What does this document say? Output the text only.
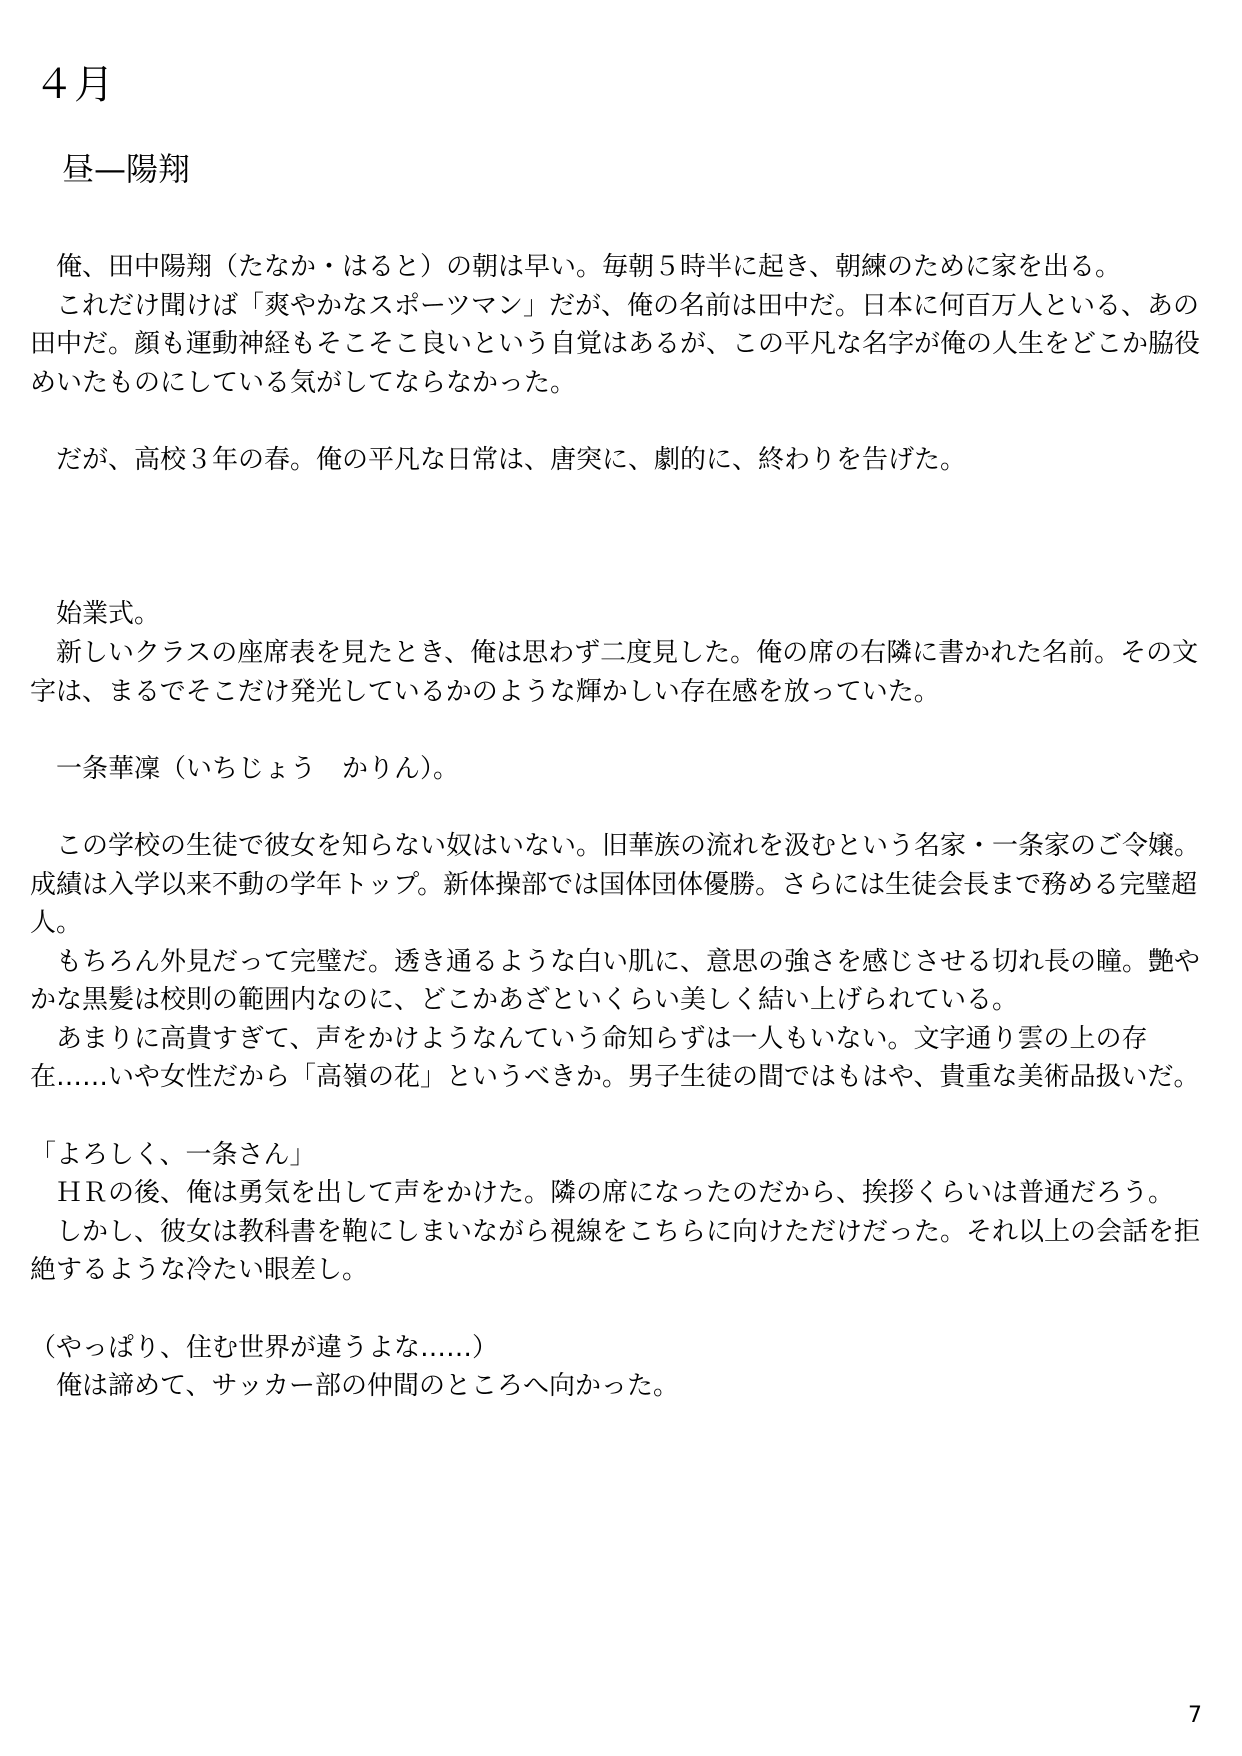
４月
昼—陽翔

　俺、田中陽翔（たなか・はると）の朝は早い。毎朝５時半に起き、朝練のために家を出る。

　これだけ聞けば「爽やかなスポーツマン」だが、俺の名前は田中だ。日本に何百万人といる、あの田中だ。顔も運動神経もそこそこ良いという自覚はあるが、この平凡な名字が俺の人生をどこか脇役めいたものにしている気がしてならなかった。

　だが、高校３年の春。俺の平凡な日常は、唐突に、劇的に、終わりを告げた。

　始業式。

　新しいクラスの座席表を見たとき、俺は思わず二度見した。俺の席の右隣に書かれた名前。その文字は、まるでそこだけ発光しているかのような輝かしい存在感を放っていた。

　一条華凜（いちじょう　かりん）。

　この学校の生徒で彼女を知らない奴はいない。旧華族の流れを汲むという名家・一条家のご令嬢。成績は入学以来不動の学年トップ。新体操部では国体団体優勝。さらには生徒会長まで務める完璧超人。

　もちろん外見だって完璧だ。透き通るような白い肌に、意思の強さを感じさせる切れ長の瞳。艶やかな黒髪は校則の範囲内なのに、どこかあざといくらい美しく結い上げられている。

　あまりに高貴すぎて、声をかけようなんていう命知らずは一人もいない。文字通り雲の上の存在……いや女性だから「高嶺の花」というべきか。男子生徒の間ではもはや、貴重な美術品扱いだ。

「よろしく、一条さん」

　ＨＲの後、俺は勇気を出して声をかけた。隣の席になったのだから、挨拶くらいは普通だろう。

　しかし、彼女は教科書を鞄にしまいながら視線をこちらに向けただけだった。それ以上の会話を拒絶するような冷たい眼差し。

（やっぱり、住む世界が違うよな……）

　俺は諦めて、サッカー部の仲間のところへ向かった。

7
